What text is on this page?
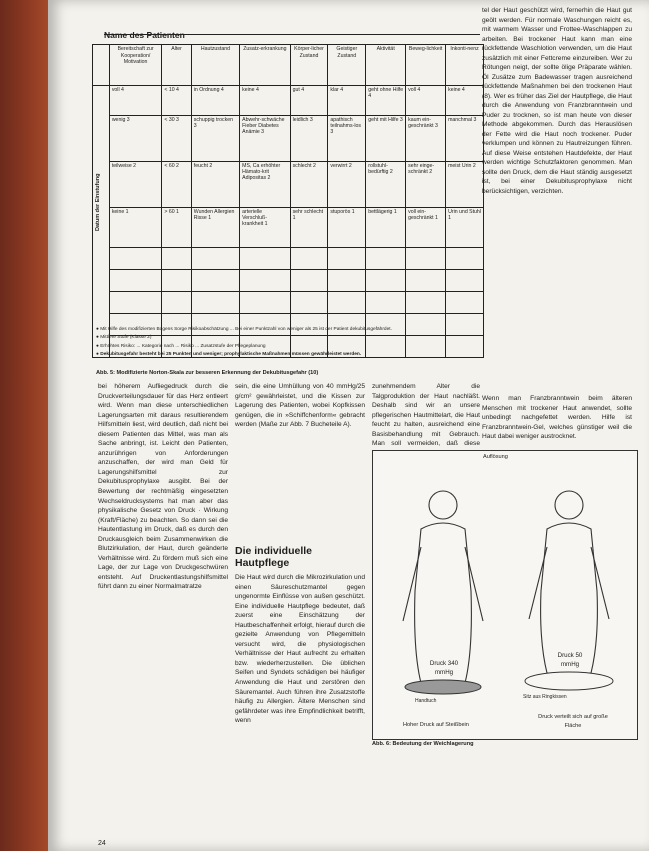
Name des Patienten
	Bereitschaft zur Kooperation/ Motivation	Alter	Hautzustand	Zusatz-erkrankung	Körper-licher Zustand	Geistiger Zustand	Aktivität	Beweg-lichkeit	Inkonti-nenz

Datum der Einstufung	voll 4	< 10 4	in Ordnung 4	keine 4	gut 4	klar 4	geht ohne Hilfe 4	voll 4	keine 4
	wenig 3	< 30 3	schuppig trocken 3	Abwehr-schwäche Fieber Diabetes Anämie 3	leidlich 3	apathisch teilnahms-los 3	geht mit Hilfe 3	kaum ein-geschränkt 3	manchmal 3
	teilweise 2	< 60 2	feucht 2	MS, Ca erhöhter Hämato-krit Adipositas 2	schlecht 2	verwirrt 2	rollstuhl-bedürftig 2	sehr einge-schränkt 2	meist Urin 2
	keine 1	> 60 1	Wunden Allergien Risse 1	arterielle Verschluß-krankheit 1	sehr schlecht 1	stuporös 1	bettlägerig 1	voll ein-geschränkt 1	Urin und Stuhl 1

● Mit Hilfe des modifizierten Bogens Sorge Risikoabschätzung ... Bei einer Punktzahl von weniger als 25 ist der Patient dekubitusgefährdet.
● Mittlere Stufe (Klasse 2)
● Erhöhtes Risiko: ... Kategorie nach ... Risiko ... Zusatzstufe der Pflegeplanung
● Dekubitusgefahr besteht bei 25 Punkten und weniger; prophylaktische Maßnahmen müssen gewährleistet werden.
Abb. 5: Modifizierte Norton-Skala zur besseren Erkennung der Dekubitusgefahr (10)
bei höherem Aufliegedruck durch die Druckverteilungsdauer für das Herz entleert wird. Wenn man diese unterschiedlichen Lagerungsarten mit daraus resultierendem Hilfsmitteln liest, wird deutlich, daß nicht bei diesem Patienten das Mittel, was man als Sache anbringt, ist. Leicht den Patienten, anzurührigen von Anforderungen anzuschaffen, der wird man Geld für Lagerungshilfsmittel zur Dekubitusprophylaxe ausgibt. Bei der Bewertung der rechtmäßig eingesetzten Wechseldrucksystems hat man aber das physikalische Gesetz von Druck · Wirkung (Kraft/Fläche) zu beachten. So dann sei die Hautentlastung im Druck, daß es durch den Druckausgleich beim Zusammenwirken die Blutzirkulation, der Haut, durch geänderte Verhältnisse wird. Zu fördern muß sich eine Lage, der zur Lage von Druckgeschwüren entsteht. Auf Druckentlastungshilfsmittel führt dann zu einer Normalmatratze
sein, die eine Umhüllung von 40 mmHg/25 g/cm² gewährleistet, und die Kissen zur Lagerung des Patienten, wobei Kopfkissen genügen, die in »Schiffchenform« gebracht werden (Maße zur Abb. 7 Bucheteile A).
Die individuelle Hautpflege
Die Haut wird durch die Mikrozirkulation und einen Säureschutzmantel gegen ungenormte Einflüsse von außen geschützt. Eine individuelle Hautpflege bedeutet, daß zuerst eine Einschätzung der Hautbeschaffenheit erfolgt, hierauf durch die gezielte Anwendung von Pflegemitteln versucht wird, die physiologischen Verhältnisse der Haut aufrecht zu erhalten bzw. wiederherzustellen. Die üblichen Seifen und Syndets schädigen bei häufiger Anwendung die Haut und zerstören den Säuremantel. Auch führen ihre Zusatzstoffe häufig zu Allergien. Ältere Menschen sind gefährdeter was ihre Empfindlichkeit betrifft, wenn
zunehmendem Alter die Talgproduktion der Haut nachläßt. Deshalb sind wir an unsere pflegerischen Hautmittelart, die Haut feucht zu halten, ausreichend eine Basisbehandlung mit Gebrauch. Man soll vermeiden, daß diese
tel der Haut geschützt wird, fernerhin die Haut gut geölt werden. Für normale Waschungen reicht es, mit warmem Wasser und Frottee-Waschlappen zu arbeiten. Bei trockener Haut kann man eine rückfettende Waschlotion verwenden, um die Haut zusätzlich mit einer Fettcreme einzureiben. Wer zu Rötungen neigt, der sollte ölige Präparate wählen. Öl Zusätze zum Badewasser tragen ausreichend rückfettende Maßnahmen bei den trockenen Haut (8). Wer es früher das Ziel der Hautpflege, die Haut durch die Anwendung von Franzbranntwein und Puder zu trocknen, so ist man heute von dieser Methode abgekommen. Durch das Herauslösen der Fette wird die Haut noch trockener. Puder verklumpen und können zu Hautreizungen führen. Auf diese Weise entstehen Hautdefekte, der Haut werden wichtige Schutzfaktoren genommen. Man sollte den Druck, dem die Haut ständig ausgesetzt ist, bei einer Dekubitusprophylaxe nicht berücksichtigen, verzichten.
Wenn man Franzbranntwein beim älteren Menschen mit trockener Haut anwendet, sollte unbedingt nachgefettet werden. Hilfe ist Franzbranntwein-Gel, welches günstiger weil die Haut dabei weniger austrocknet.
Auflösung
Druck 340 mmHg
Druck 50 mmHg
Handtuch
Sitz aus Ringkissen
Hoher Druck auf Steißbein
Druck verteilt sich auf große Fläche
Abb. 6: Bedeutung der Weichlagerung
24
